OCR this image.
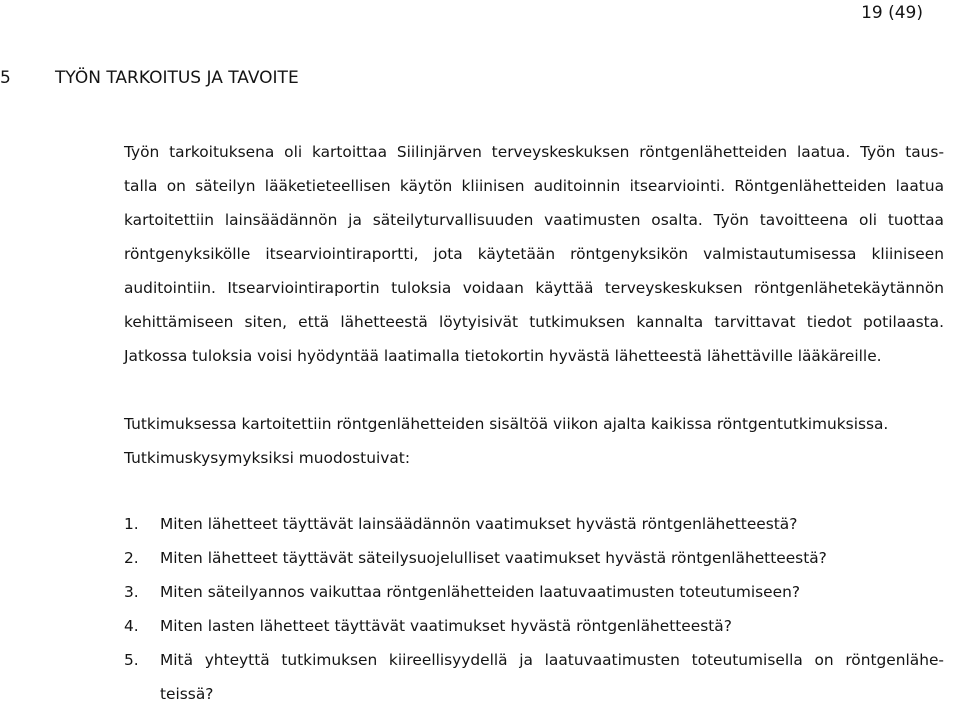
19 (49)
5	TYÖN TARKOITUS JA TAVOITE
Työn tarkoituksena oli kartoittaa Siilinjärven terveyskeskuksen röntgenlähetteiden laatua. Työn taus-
talla on säteilyn lääketieteellisen käytön kliinisen auditoinnin itsearviointi. Röntgenlähetteiden laatua
kartoitettiin lainsäädännön ja säteilyturvallisuuden vaatimusten osalta. Työn tavoitteena oli tuottaa
röntgenyksikölle itsearviointiraportti, jota käytetään röntgenyksikön valmistautumisessa kliiniseen
auditointiin. Itsearviointiraportin tuloksia voidaan käyttää terveyskeskuksen röntgenlähetekäytännön
kehittämiseen siten, että lähetteestä löytyisivät tutkimuksen kannalta tarvittavat tiedot potilaasta.
Jatkossa tuloksia voisi hyödyntää laatimalla tietokortin hyvästä lähetteestä lähettäville lääkäreille.
Tutkimuksessa kartoitettiin röntgenlähetteiden sisältöä viikon ajalta kaikissa röntgentutkimuksissa.
Tutkimuskysymyksiksi muodostuivat:
1. Miten lähetteet täyttävät lainsäädännön vaatimukset hyvästä röntgenlähetteestä?
2. Miten lähetteet täyttävät säteilysuojelulliset vaatimukset hyvästä röntgenlähetteestä?
3. Miten säteilyannos vaikuttaa röntgenlähetteiden laatuvaatimusten toteutumiseen?
4. Miten lasten lähetteet täyttävät vaatimukset hyvästä röntgenlähetteestä?
5. Mitä yhteyttä tutkimuksen kiireellisyydellä ja laatuvaatimusten toteutumisella on röntgenlähe-
teissä?
